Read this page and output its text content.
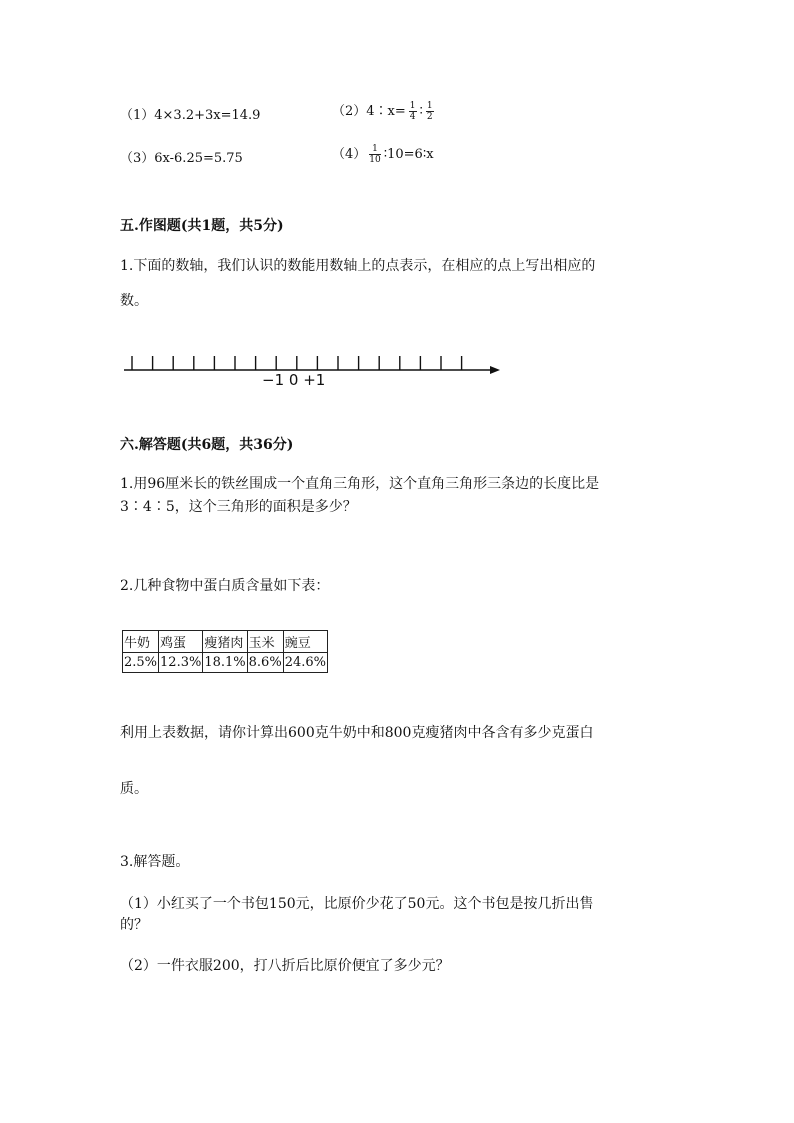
（1）4×3.2+3x=14.9	（2）4∶x= $\frac{1}{4}$ ∶ $\frac{1}{2}$
（3）6x-6.25=5.75	$(4) \frac{1}{10}$ ∶10=6∶x
五.作图题(共1题，共5分)
1.下面的数轴，我们认识的数能用数轴上的点表示，在相应的点上写出相应的
数。
−1 0 +1
六.解答题(共6题，共36分)
1.用96厘米长的铁丝围成一个直角三角形，这个直角三角形三条边的长度比是
3∶4∶5，这个三角形的面积是多少？
2.几种食物中蛋白质含量如下表：
牛奶	鸡蛋	瘦猪肉	玉米	豌豆
2.5%	12.3%	18.1%	8.6%	24.6%
利用上表数据，请你计算出600克牛奶中和800克瘦猪肉中各含有多少克蛋白
质。
3.解答题。
（1）小红买了一个书包150元，比原价少花了50元。这个书包是按几折出售
的？
（2）一件衣服200，打八折后比原价便宜了多少元？
